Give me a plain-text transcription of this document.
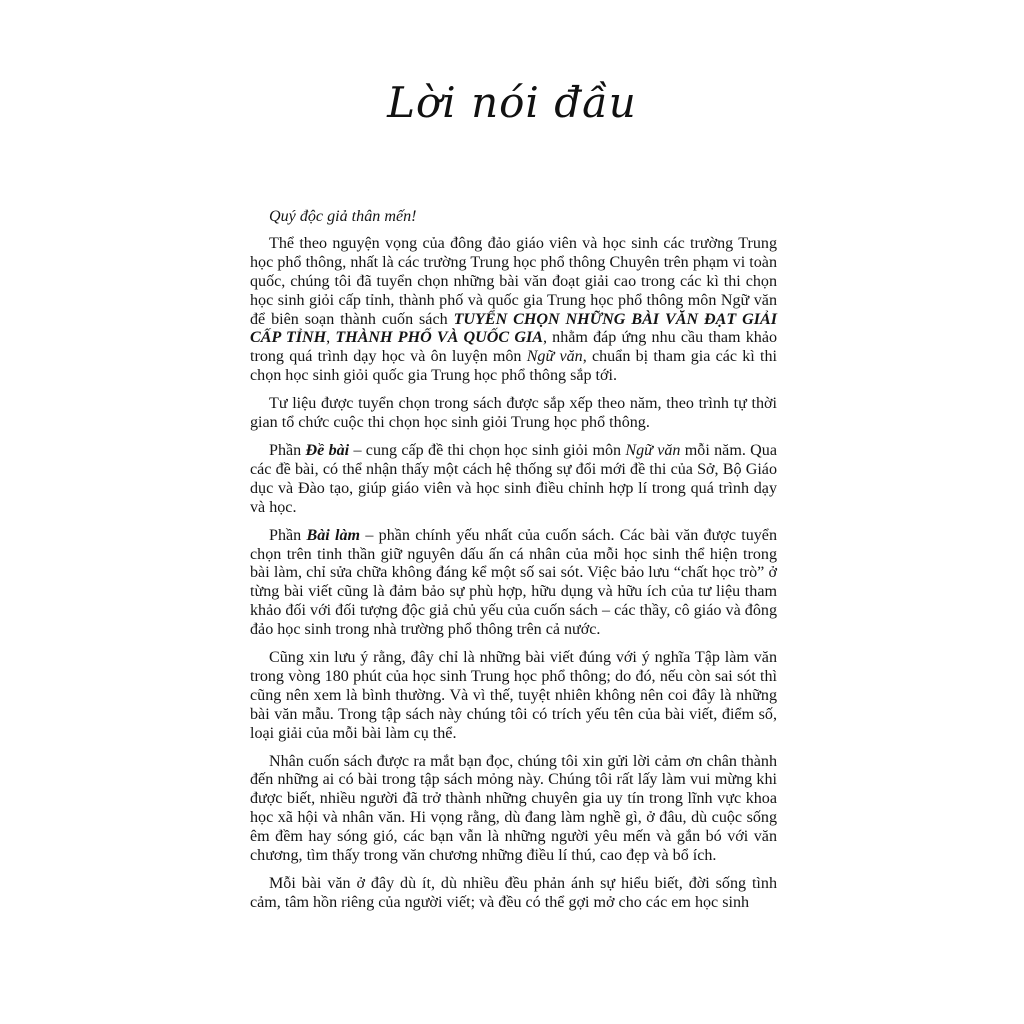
Lời nói đầu

Quý độc giả thân mến!

Thể theo nguyện vọng của đông đảo giáo viên và học sinh các trường Trung học phổ thông, nhất là các trường Trung học phổ thông Chuyên trên phạm vi toàn quốc, chúng tôi đã tuyển chọn những bài văn đoạt giải cao trong các kì thi chọn học sinh giỏi cấp tỉnh, thành phố và quốc gia Trung học phổ thông môn Ngữ văn để biên soạn thành cuốn sách TUYỂN CHỌN NHỮNG BÀI VĂN ĐẠT GIẢI CẤP TỈNH, THÀNH PHỐ VÀ QUỐC GIA, nhằm đáp ứng nhu cầu tham khảo trong quá trình dạy học và ôn luyện môn Ngữ văn, chuẩn bị tham gia các kì thi chọn học sinh giỏi quốc gia Trung học phổ thông sắp tới.

Tư liệu được tuyển chọn trong sách được sắp xếp theo năm, theo trình tự thời gian tổ chức cuộc thi chọn học sinh giỏi Trung học phổ thông.

Phần Đề bài – cung cấp đề thi chọn học sinh giỏi môn Ngữ văn mỗi năm. Qua các đề bài, có thể nhận thấy một cách hệ thống sự đổi mới đề thi của Sở, Bộ Giáo dục và Đào tạo, giúp giáo viên và học sinh điều chỉnh hợp lí trong quá trình dạy và học.

Phần Bài làm – phần chính yếu nhất của cuốn sách. Các bài văn được tuyển chọn trên tinh thần giữ nguyên dấu ấn cá nhân của mỗi học sinh thể hiện trong bài làm, chỉ sửa chữa không đáng kể một số sai sót. Việc bảo lưu “chất học trò” ở từng bài viết cũng là đảm bảo sự phù hợp, hữu dụng và hữu ích của tư liệu tham khảo đối với đối tượng độc giả chủ yếu của cuốn sách – các thầy, cô giáo và đông đảo học sinh trong nhà trường phổ thông trên cả nước.

Cũng xin lưu ý rằng, đây chỉ là những bài viết đúng với ý nghĩa Tập làm văn trong vòng 180 phút của học sinh Trung học phổ thông; do đó, nếu còn sai sót thì cũng nên xem là bình thường. Và vì thế, tuyệt nhiên không nên coi đây là những bài văn mẫu. Trong tập sách này chúng tôi có trích yếu tên của bài viết, điểm số, loại giải của mỗi bài làm cụ thể.

Nhân cuốn sách được ra mắt bạn đọc, chúng tôi xin gửi lời cảm ơn chân thành đến những ai có bài trong tập sách mỏng này. Chúng tôi rất lấy làm vui mừng khi được biết, nhiều người đã trở thành những chuyên gia uy tín trong lĩnh vực khoa học xã hội và nhân văn. Hi vọng rằng, dù đang làm nghề gì, ở đâu, dù cuộc sống êm đềm hay sóng gió, các bạn vẫn là những người yêu mến và gắn bó với văn chương, tìm thấy trong văn chương những điều lí thú, cao đẹp và bổ ích.

Mỗi bài văn ở đây dù ít, dù nhiều đều phản ánh sự hiểu biết, đời sống tình cảm, tâm hồn riêng của người viết; và đều có thể gợi mở cho các em học sinh
